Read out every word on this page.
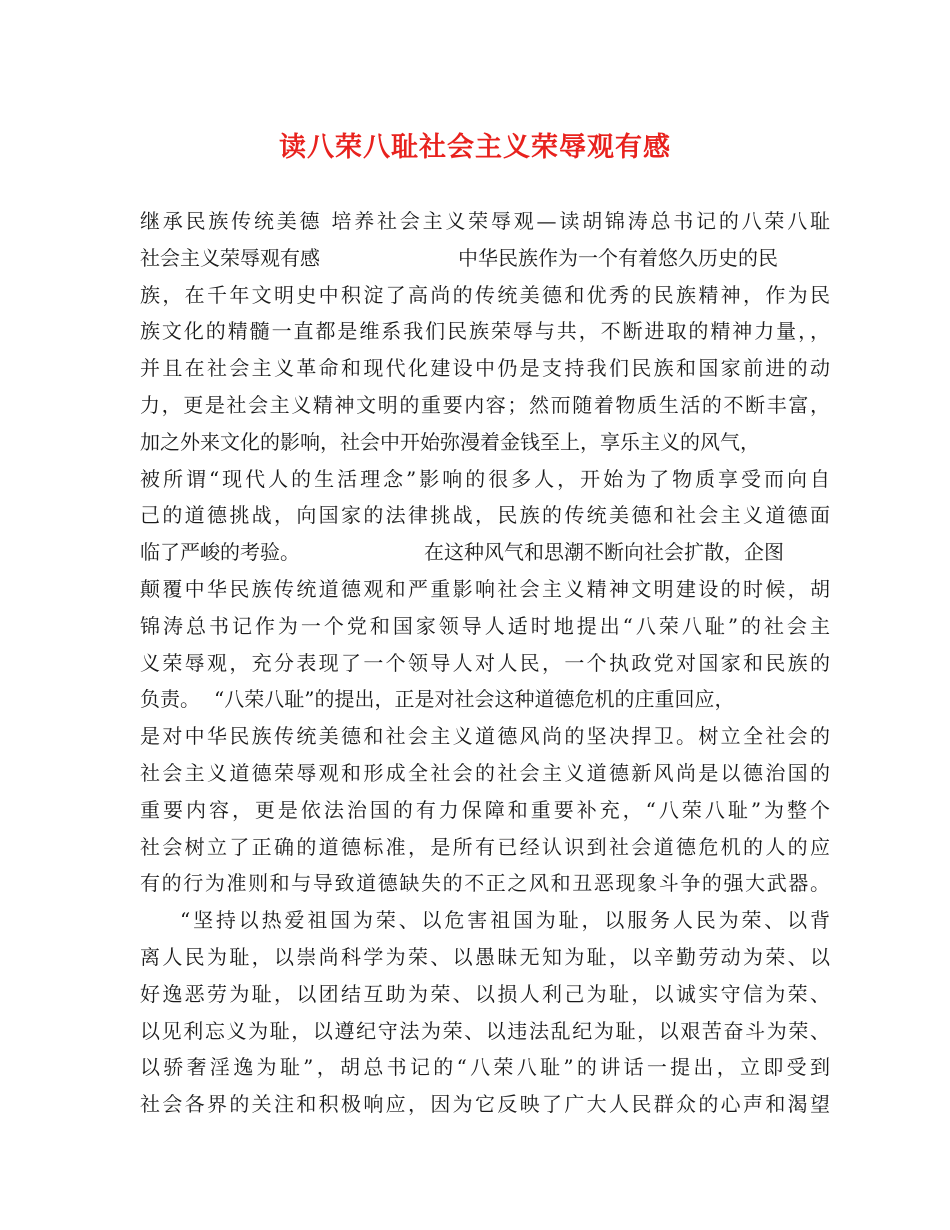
读八荣八耻社会主义荣辱观有感
继承民族传统美德 培养社会主义荣辱观—读胡锦涛总书记的八荣八耻
社会主义荣辱观有感	中华民族作为一个有着悠久历史的民
族，在千年文明史中积淀了高尚的传统美德和优秀的民族精神，作为民
族文化的精髓一直都是维系我们民族荣辱与共，不断进取的精神力量，，
并且在社会主义革命和现代化建设中仍是支持我们民族和国家前进的动
力，更是社会主义精神文明的重要内容；然而随着物质生活的不断丰富，
加之外来文化的影响，社会中开始弥漫着金钱至上，享乐主义的风气，
被所谓“现代人的生活理念”影响的很多人，开始为了物质享受而向自
己的道德挑战，向国家的法律挑战，民族的传统美德和社会主义道德面
临了严峻的考验。	在这种风气和思潮不断向社会扩散，企图
颠覆中华民族传统道德观和严重影响社会主义精神文明建设的时候，胡
锦涛总书记作为一个党和国家领导人适时地提出“八荣八耻”的社会主
义荣辱观，充分表现了一个领导人对人民，一个执政党对国家和民族的
负责。 “八荣八耻”的提出，正是对社会这种道德危机的庄重回应，
是对中华民族传统美德和社会主义道德风尚的坚决捍卫。树立全社会的
社会主义道德荣辱观和形成全社会的社会主义道德新风尚是以德治国的
重要内容，更是依法治国的有力保障和重要补充，“八荣八耻”为整个
社会树立了正确的道德标准，是所有已经认识到社会道德危机的人的应
有的行为准则和与导致道德缺失的不正之风和丑恶现象斗争的强大武器。
“坚持以热爱祖国为荣、以危害祖国为耻，以服务人民为荣、以背
离人民为耻，以崇尚科学为荣、以愚昧无知为耻，以辛勤劳动为荣、以
好逸恶劳为耻，以团结互助为荣、以损人利己为耻，以诚实守信为荣、
以见利忘义为耻，以遵纪守法为荣、以违法乱纪为耻，以艰苦奋斗为荣、
以骄奢淫逸为耻”，胡总书记的“八荣八耻”的讲话一提出，立即受到
社会各界的关注和积极响应，因为它反映了广大人民群众的心声和渴望
